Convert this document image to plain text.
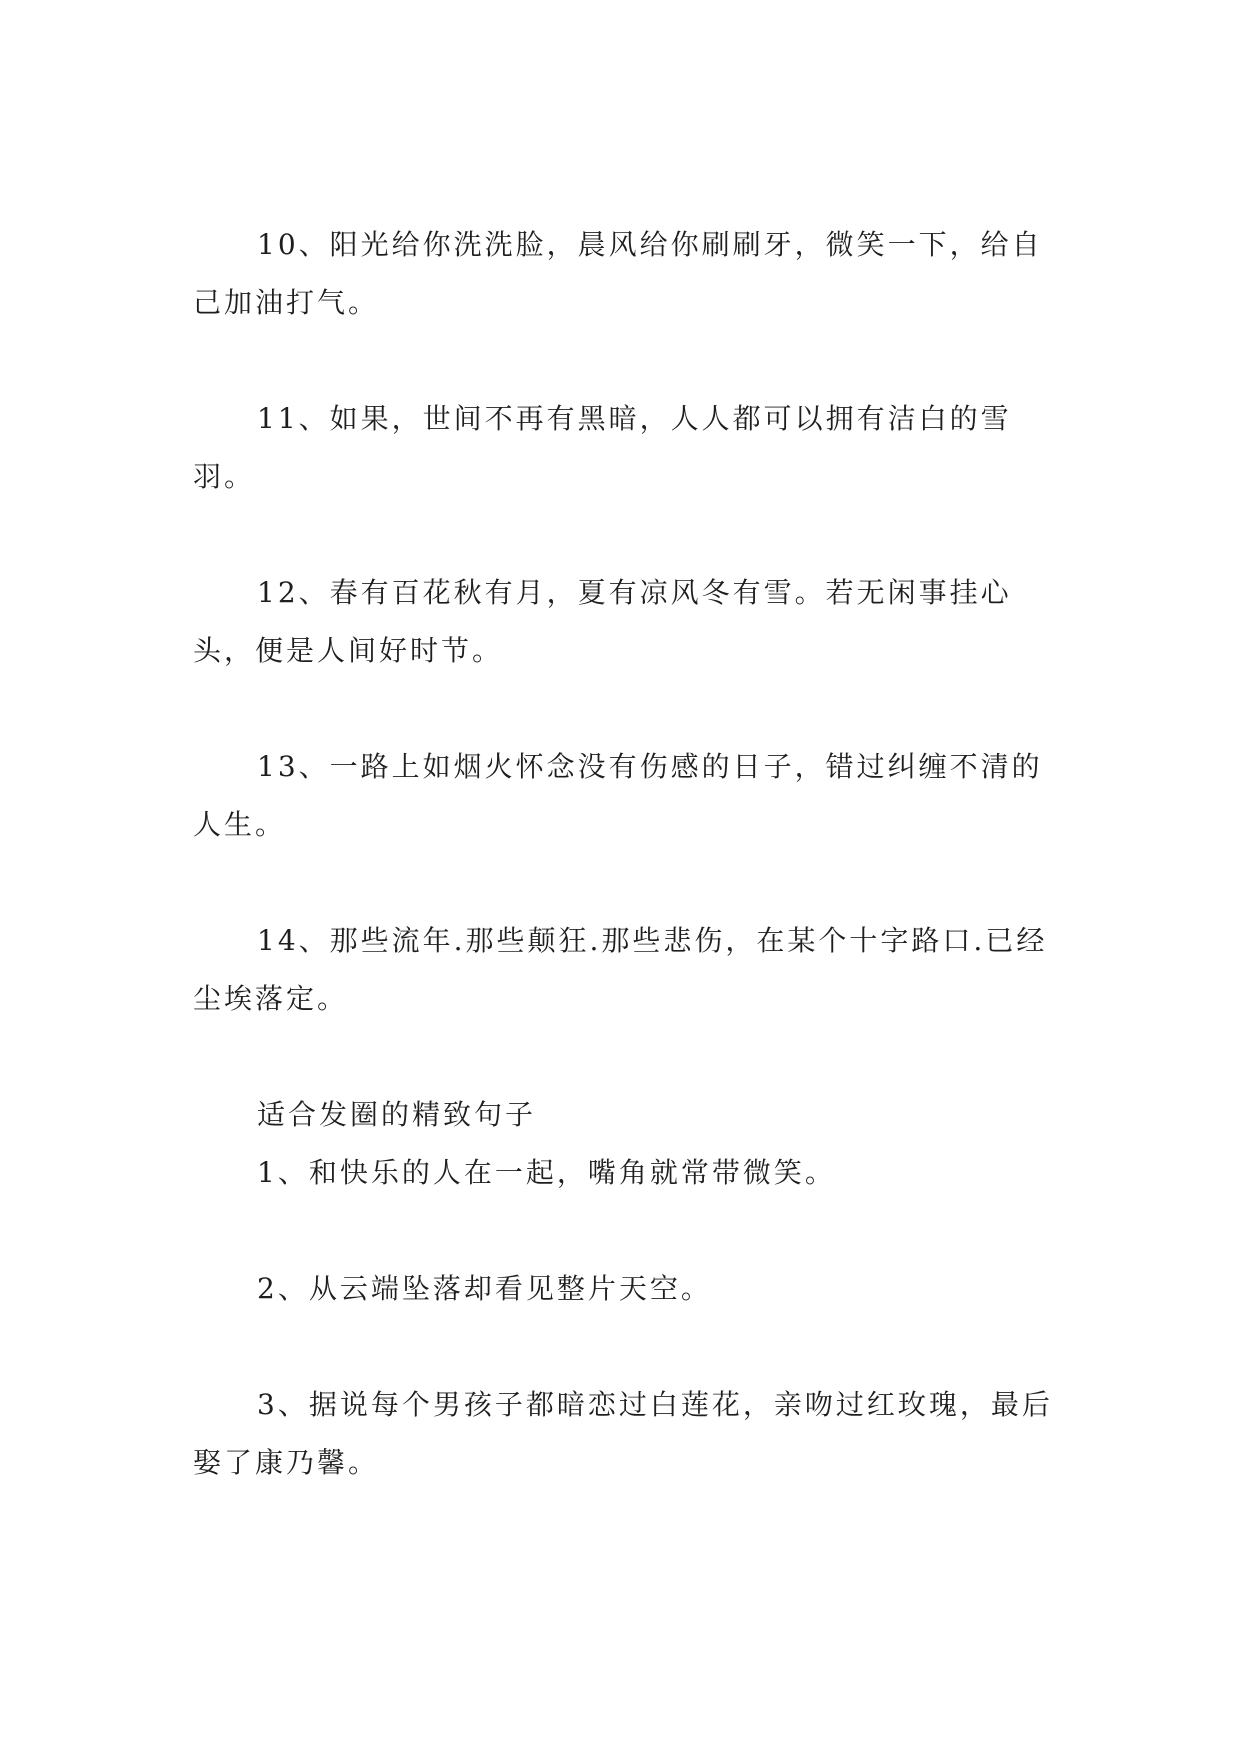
10、阳光给你洗洗脸，晨风给你刷刷牙，微笑一下，给自己加油打气。

11、如果，世间不再有黑暗，人人都可以拥有洁白的雪羽。

12、春有百花秋有月，夏有凉风冬有雪。若无闲事挂心头，便是人间好时节。

13、一路上如烟火怀念没有伤感的日子，错过纠缠不清的人生。

14、那些流年.那些颠狂.那些悲伤，在某个十字路口.已经尘埃落定。

适合发圈的精致句子

1、和快乐的人在一起，嘴角就常带微笑。

2、从云端坠落却看见整片天空。

3、据说每个男孩子都暗恋过白莲花，亲吻过红玫瑰，最后娶了康乃馨。
